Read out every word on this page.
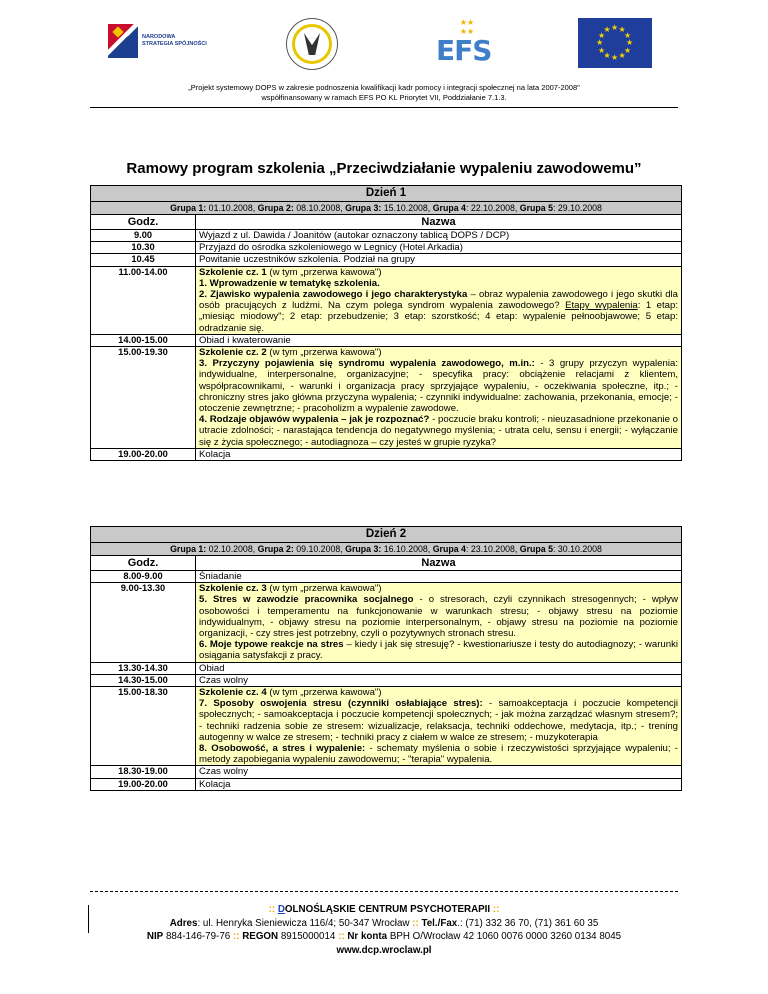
NARODOWA
STRATEGIA SPÓJNOŚCI
★★
★★
EFS
★ ★
★
★
★
★
★
★
★
★
★
★
„Projekt systemowy DOPS w zakresie podnoszenia kwalifikacji kadr pomocy i integracji społecznej na lata 2007-2008"
współfinansowany w ramach EFS PO KL Priorytet VII, Poddziałanie 7.1.3.
Ramowy program szkolenia „Przeciwdziałanie wypaleniu zawodowemu”
Dzień 1	
Grupa 1: 01.10.2008, Grupa 2: 08.10.2008, Grupa 3: 15.10.2008, Grupa 4: 22.10.2008, Grupa 5: 29.10.2008	
Godz.	Nazwa
9.00	Wyjazd z ul. Dawida / Joanitów (autokar oznaczony tablicą DOPS / DCP)
10.30	Przyjazd do ośrodka szkoleniowego w Legnicy (Hotel Arkadia)
10.45	Powitanie uczestników szkolenia. Podział na grupy
11.00-14.00	Szkolenie cz. 1 (w tym „przerwa kawowa")
1. Wprowadzenie w tematykę szkolenia.
2. Zjawisko wypalenia zawodowego i jego charakterystyka – obraz wypalenia zawodowego i jego skutki dla osób pracujących z ludźmi. Na czym polega syndrom wypalenia zawodowego? Etapy wypalenia: 1 etap: „miesiąc miodowy"; 2 etap: przebudzenie; 3 etap: szorstkość; 4 etap: wypalenie pełnoobjawowe; 5 etap: odradzanie się.

14.00-15.00	Obiad i kwaterowanie
15.00-19.30	Szkolenie cz. 2 (w tym „przerwa kawowa")
3. Przyczyny pojawienia się syndromu wypalenia zawodowego, m.in.: - 3 grupy przyczyn wypalenia: indywidualne, interpersonalne, organizacyjne; - specyfika pracy: obciążenie relacjami z klientem, współpracownikami, - warunki i organizacja pracy sprzyjające wypaleniu, - oczekiwania społeczne, itp.; - chroniczny stres jako główna przyczyna wypalenia; - czynniki indywidualne: zachowania, przekonania, emocje; - otoczenie zewnętrzne; - pracoholizm a wypalenie zawodowe.
4. Rodzaje objawów wypalenia – jak je rozpoznać? - poczucie braku kontroli; - nieuzasadnione przekonanie o utracie zdolności; - narastająca tendencja do negatywnego myślenia; - utrata celu, sensu i energii; - wyłączanie się z życia społecznego; - autodiagnoza – czy jesteś w grupie ryzyka?

19.00-20.00	Kolacja
Dzień 2	
Grupa 1: 02.10.2008, Grupa 2: 09.10.2008, Grupa 3: 16.10.2008, Grupa 4: 23.10.2008, Grupa 5: 30.10.2008	
Godz.	Nazwa
8.00-9.00	Śniadanie
9.00-13.30	Szkolenie cz. 3 (w tym „przerwa kawowa")
5. Stres w zawodzie pracownika socjalnego - o stresorach, czyli czynnikach stresogennych; - wpływ osobowości i temperamentu na funkcjonowanie w warunkach stresu; - objawy stresu na poziomie indywidualnym, - objawy stresu na poziomie interpersonalnym, - objawy stresu na poziomie na poziomie organizacji, - czy stres jest potrzebny, czyli o pozytywnych stronach stresu.
6. Moje typowe reakcje na stres – kiedy i jak się stresuję? - kwestionariusze i testy do autodiagnozy; - warunki osiągania satysfakcji z pracy.

13.30-14.30	Obiad
14.30-15.00	Czas wolny
15.00-18.30	Szkolenie cz. 4 (w tym „przerwa kawowa")
7. Sposoby oswojenia stresu (czynniki osłabiające stres): - samoakceptacja i poczucie kompetencji społecznych; - samoakceptacja i poczucie kompetencji społecznych; - jak można zarządzać własnym stresem?; - techniki radzenia sobie ze stresem: wizualizacje, relaksacja, techniki oddechowe, medytacja, itp.; - trening autogenny w walce ze stresem; - techniki pracy z ciałem w walce ze stresem; - muzykoterapia
8. Osobowość, a stres i wypalenie: - schematy myślenia o sobie i rzeczywistości sprzyjające wypaleniu; - metody zapobiegania wypaleniu zawodowemu; - "terapia" wypalenia.

18.30-19.00	Czas wolny
19.00-20.00	Kolacja
:: DOLNOŚLĄSKIE CENTRUM PSYCHOTERAPII ::
Adres: ul. Henryka Sieniewicza 116/4; 50-347 Wrocław :: Tel./Fax.: (71) 332 36 70, (71) 361 60 35
NIP 884-146-79-76 :: REGON 8915000014 :: Nr konta BPH O/Wrocław 42 1060 0076 0000 3260 0134 8045
www.dcp.wroclaw.pl
